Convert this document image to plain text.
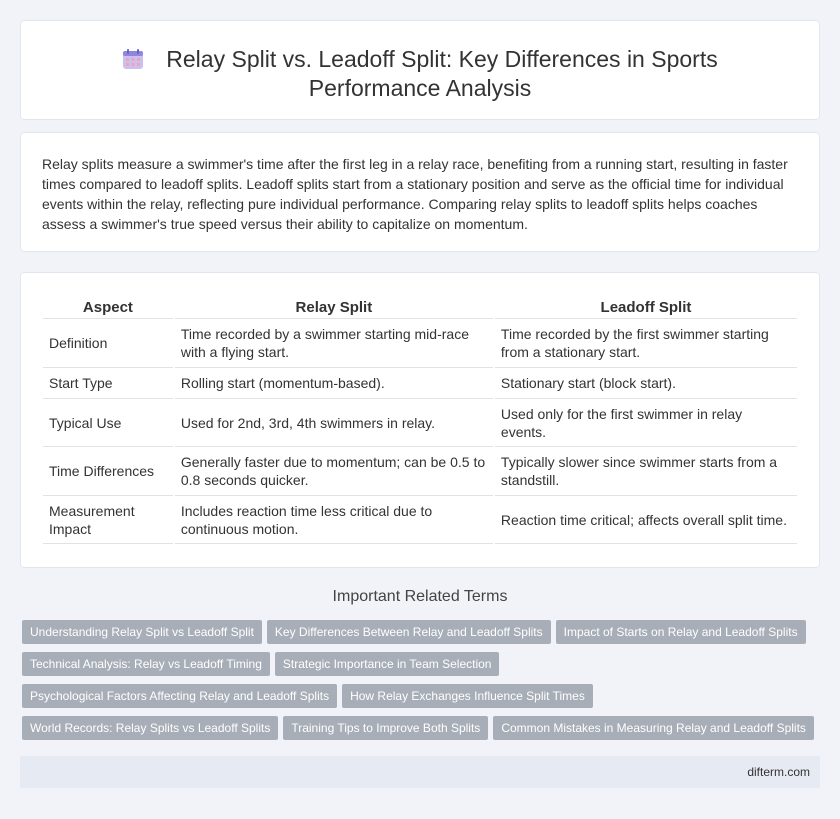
Relay Split vs. Leadoff Split: Key Differences in Sports Performance Analysis

Relay splits measure a swimmer's time after the first leg in a relay race, benefiting from a running start, resulting in faster times compared to leadoff splits. Leadoff splits start from a stationary position and serve as the official time for individual events within the relay, reflecting pure individual performance. Comparing relay splits to leadoff splits helps coaches assess a swimmer's true speed versus their ability to capitalize on momentum.

Aspect	Relay Split	Leadoff Split
Definition	Time recorded by a swimmer starting mid-race with a flying start.	Time recorded by the first swimmer starting from a stationary start.
Start Type	Rolling start (momentum-based).	Stationary start (block start).
Typical Use	Used for 2nd, 3rd, 4th swimmers in relay.	Used only for the first swimmer in relay events.
Time Differences	Generally faster due to momentum; can be 0.5 to 0.8 seconds quicker.	Typically slower since swimmer starts from a standstill.
Measurement Impact	Includes reaction time less critical due to continuous motion.	Reaction time critical; affects overall split time.
Important Related Terms
Understanding Relay Split vs Leadoff Split Key Differences Between Relay and Leadoff Splits Impact of Starts on Relay and Leadoff Splits
Technical Analysis: Relay vs Leadoff Timing Strategic Importance in Team Selection
Psychological Factors Affecting Relay and Leadoff Splits How Relay Exchanges Influence Split Times
World Records: Relay Splits vs Leadoff Splits Training Tips to Improve Both Splits Common Mistakes in Measuring Relay and Leadoff Splits
difterm.com
